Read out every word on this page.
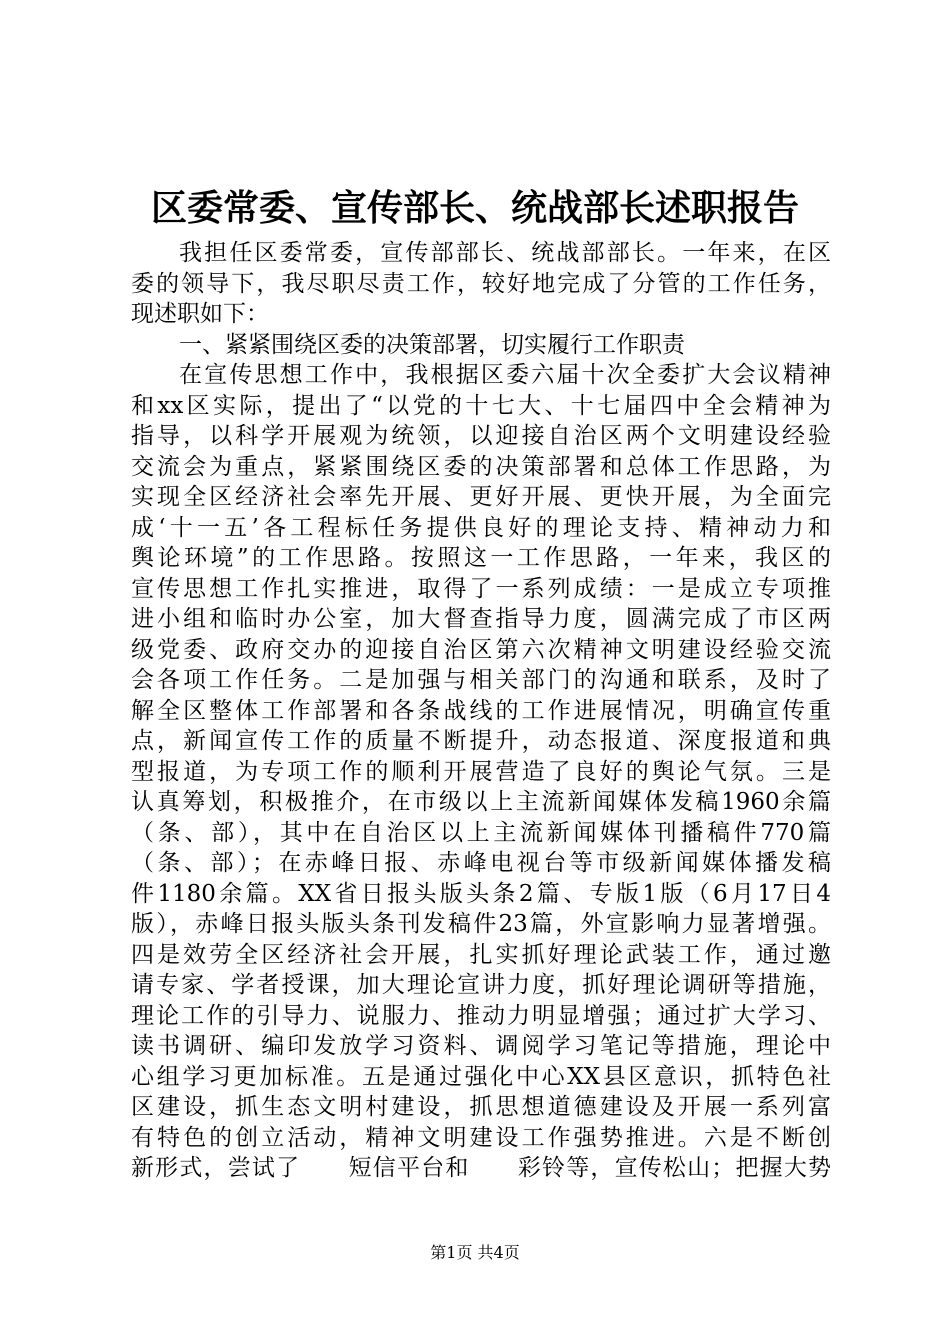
区委常委、宣传部长、统战部长述职报告
我担任区委常委，宣传部部长、统战部部长。一年来，在区
委的领导下，我尽职尽责工作，较好地完成了分管的工作任务，
现述职如下：
一、紧紧围绕区委的决策部署，切实履行工作职责
在宣传思想工作中，我根据区委六届十次全委扩大会议精神
和xx区实际，提出了“以党的十七大、十七届四中全会精神为
指导，以科学开展观为统领，以迎接自治区两个文明建设经验
交流会为重点，紧紧围绕区委的决策部署和总体工作思路，为
实现全区经济社会率先开展、更好开展、更快开展，为全面完
成‘十一五’各工程标任务提供良好的理论支持、精神动力和
舆论环境”的工作思路。按照这一工作思路，一年来，我区的
宣传思想工作扎实推进，取得了一系列成绩：一是成立专项推
进小组和临时办公室，加大督查指导力度，圆满完成了市区两
级党委、政府交办的迎接自治区第六次精神文明建设经验交流
会各项工作任务。二是加强与相关部门的沟通和联系，及时了
解全区整体工作部署和各条战线的工作进展情况，明确宣传重
点，新闻宣传工作的质量不断提升，动态报道、深度报道和典
型报道，为专项工作的顺利开展营造了良好的舆论气氛。三是
认真筹划，积极推介，在市级以上主流新闻媒体发稿1960余篇
（条、部），其中在自治区以上主流新闻媒体刊播稿件770篇
（条、部）；在赤峰日报、赤峰电视台等市级新闻媒体播发稿
件1180余篇。XX省日报头版头条2篇、专版1版（6月17日4
版），赤峰日报头版头条刊发稿件23篇，外宣影响力显著增强。
四是效劳全区经济社会开展，扎实抓好理论武装工作，通过邀
请专家、学者授课，加大理论宣讲力度，抓好理论调研等措施，
理论工作的引导力、说服力、推动力明显增强；通过扩大学习、
读书调研、编印发放学习资料、调阅学习笔记等措施，理论中
心组学习更加标准。五是通过强化中心XX县区意识，抓特色社
区建设，抓生态文明村建设，抓思想道德建设及开展一系列富
有特色的创立活动，精神文明建设工作强势推进。六是不断创
新形式，尝试了　　短信平台和　　彩铃等，宣传松山；把握大势
第1页 共4页
